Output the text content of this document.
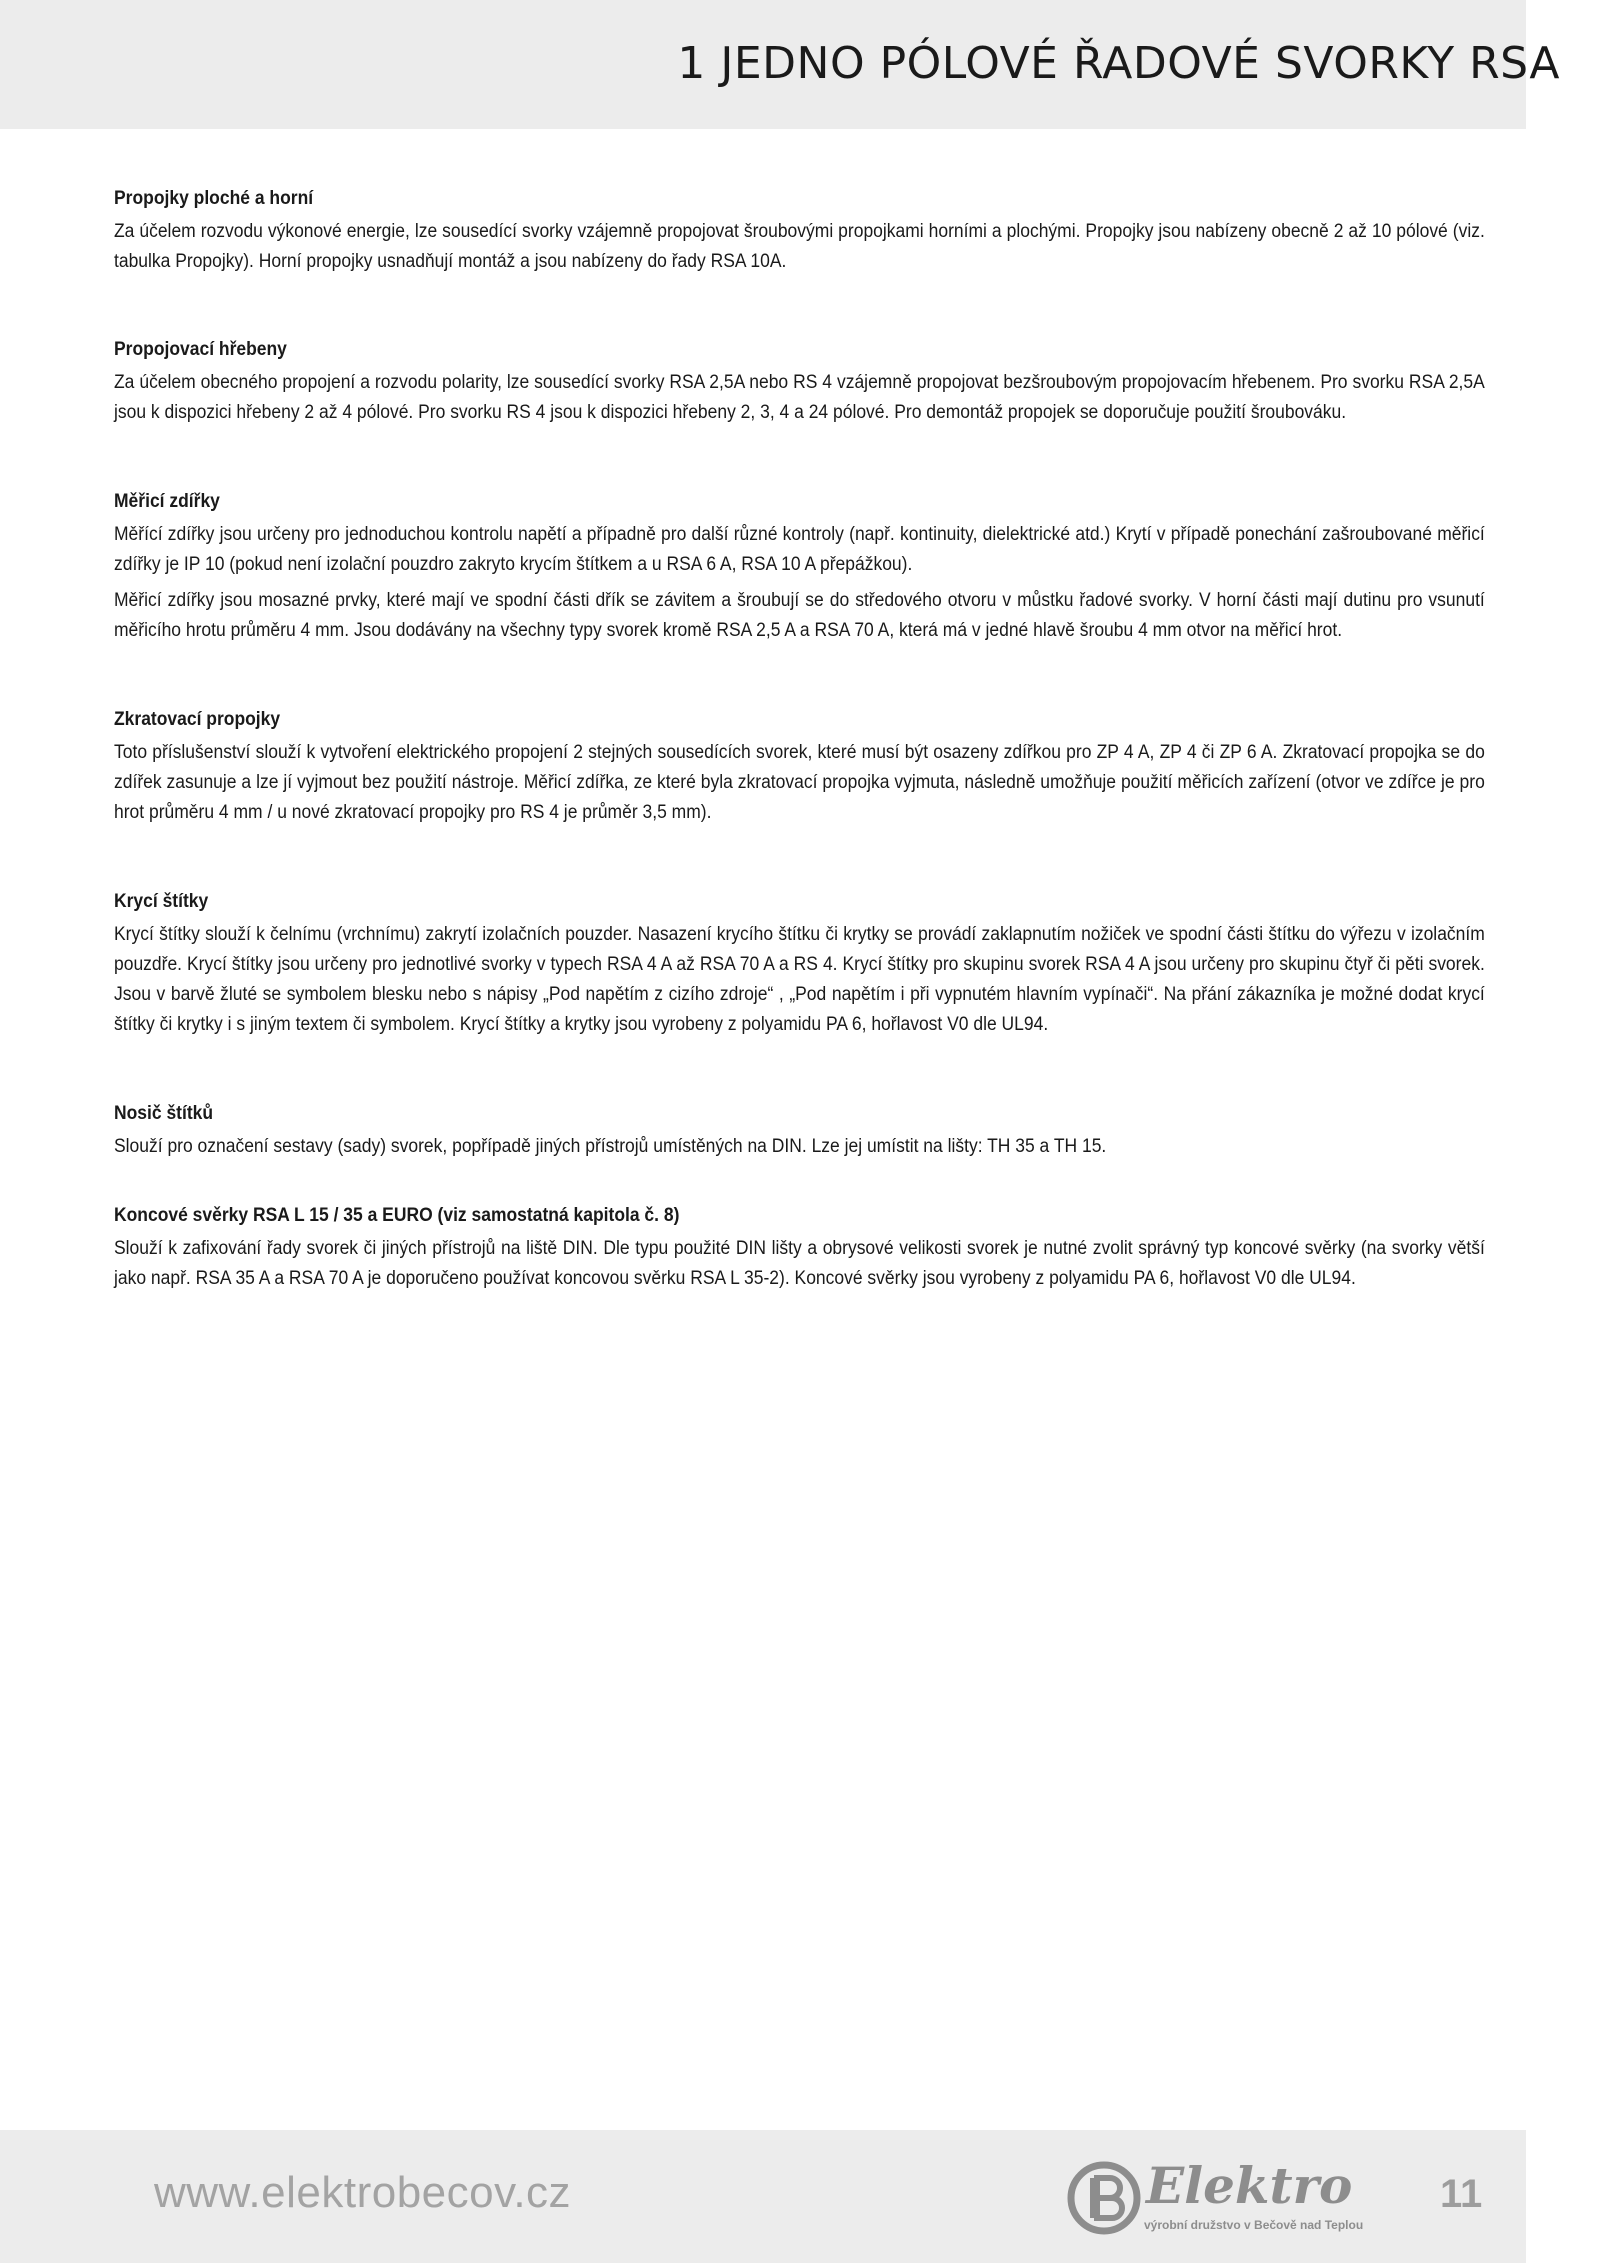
1 JEDNO PÓLOVÉ ŘADOVÉ SVORKY RSA
Propojky ploché a horní

Za účelem rozvodu výkonové energie, lze sousedící svorky vzájemně propojovat šroubovými propojkami horními a plochými. Propojky jsou nabízeny obecně 2 až 10 pólové (viz. tabulka Propojky). Horní propojky usnadňují montáž a jsou nabízeny do řady RSA 10A.

Propojovací hřebeny

Za účelem obecného propojení a rozvodu polarity, lze sousedící svorky RSA 2,5A nebo RS 4 vzájemně propojovat bezšroubovým propojovacím hřebenem. Pro svorku RSA 2,5A jsou k dispozici hřebeny 2 až 4 pólové. Pro svorku RS 4 jsou k dispozici hřebeny 2, 3, 4 a 24 pólové. Pro demontáž propojek se doporučuje použití šroubováku.

Měřicí zdířky

Měřící zdířky jsou určeny pro jednoduchou kontrolu napětí a případně pro další různé kontroly (např. kontinuity, dielektrické atd.) Krytí v případě ponechání zašroubované měřicí zdířky je IP 10 (pokud není izolační pouzdro zakryto krycím štítkem a u RSA 6 A, RSA 10 A přepážkou).

Měřicí zdířky jsou mosazné prvky, které mají ve spodní části dřík se závitem a šroubují se do středového otvoru v můstku řadové svorky. V horní části mají dutinu pro vsunutí měřicího hrotu průměru 4 mm. Jsou dodávány na všechny typy svorek kromě RSA 2,5 A a RSA 70 A, která má v jedné hlavě šroubu 4 mm otvor na měřicí hrot.

Zkratovací propojky

Toto příslušenství slouží k vytvoření elektrického propojení 2 stejných sousedících svorek, které musí být osazeny zdířkou pro ZP 4 A, ZP 4 či ZP 6 A. Zkratovací propojka se do zdířek zasunuje a lze jí vyjmout bez použití nástroje. Měřicí zdířka, ze které byla zkratovací propojka vyjmuta, následně umožňuje použití měřicích zařízení (otvor ve zdířce je pro hrot průměru 4 mm / u nové zkratovací propojky pro RS 4 je průměr 3,5 mm).

Krycí štítky

Krycí štítky slouží k čelnímu (vrchnímu) zakrytí izolačních pouzder. Nasazení krycího štítku či krytky se provádí zaklapnutím nožiček ve spodní části štítku do výřezu v izolačním pouzdře. Krycí štítky jsou určeny pro jednotlivé svorky v typech RSA 4 A až RSA 70 A a RS 4. Krycí štítky pro skupinu svorek RSA 4 A jsou určeny pro skupinu čtyř či pěti svorek. Jsou v barvě žluté se symbolem blesku nebo s nápisy „Pod napětím z cizího zdroje“ , „Pod napětím i při vypnutém hlavním vypínači“. Na přání zákazníka je možné dodat krycí štítky či krytky i s jiným textem či symbolem. Krycí štítky a krytky jsou vyrobeny z polyamidu PA 6, hořlavost V0 dle UL94.

Nosič štítků

Slouží pro označení sestavy (sady) svorek, popřípadě jiných přístrojů umístěných na DIN. Lze jej umístit na lišty: TH 35 a TH 15.

Koncové svěrky RSA L 15 / 35 a EURO (viz samostatná kapitola č. 8)

Slouží k zafixování řady svorek či jiných přístrojů na liště DIN. Dle typu použité DIN lišty a obrysové velikosti svorek je nutné zvolit správný typ koncové svěrky (na svorky větší jako např. RSA 35 A a RSA 70 A je doporučeno používat koncovou svěrku RSA L 35-2). Koncové svěrky jsou vyrobeny z polyamidu PA 6, hořlavost V0 dle UL94.

www.elektrobecov.cz	Elektro
výrobní družstvo v Bečově nad Teplou
11
